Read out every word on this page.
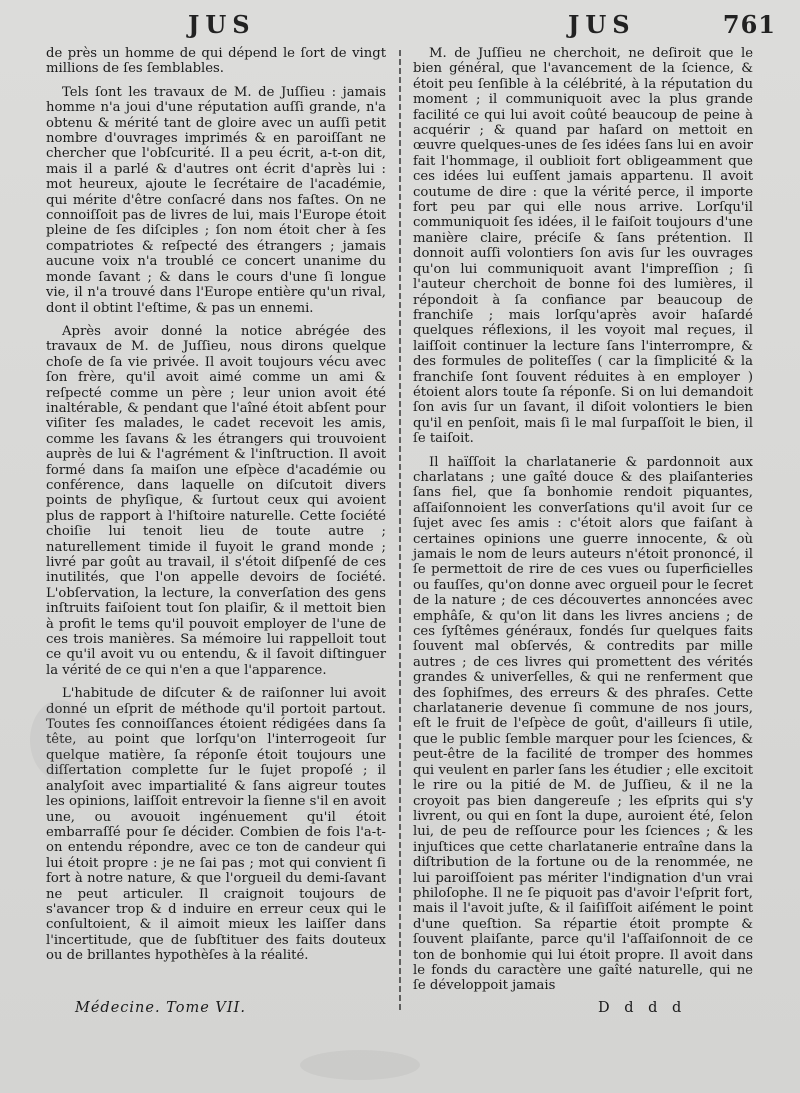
JUS	JUS	761

de près un homme de qui dépend le ſort de vingt millions de ſes ſemblables.

Tels ſont les travaux de M. de Juſſieu : jamais homme n'a joui d'une réputation auſſi grande, n'a obtenu & mérité tant de gloire avec un auſſi petit nombre d'ouvrages imprimés & en paroiſſant ne chercher que l'obſcurité. Il a peu écrit, a-t-on dit, mais il a parlé & d'autres ont écrit d'après lui : mot heureux, ajoute le ſecrétaire de l'académie, qui mérite d'être conſacré dans nos faſtes. On ne connoiſſoit pas de livres de lui, mais l'Europe étoit pleine de ſes diſciples ; ſon nom étoit cher à ſes compatriotes & reſpecté des étrangers ; jamais aucune voix n'a troublé ce concert unanime du monde ſavant ; & dans le cours d'une ſi longue vie, il n'a trouvé dans l'Europe entière qu'un rival, dont il obtint l'eſtime, & pas un ennemi.

Après avoir donné la notice abrégée des travaux de M. de Juſſieu, nous dirons quelque choſe de ſa vie privée. Il avoit toujours vécu avec ſon frère, qu'il avoit aimé comme un ami & reſpecté comme un père ; leur union avoit été inaltérable, & pendant que l'aîné étoit abſent pour viſiter ſes malades, le cadet recevoit les amis, comme les ſavans & les étrangers qui trouvoient auprès de lui & l'agrément & l'inſtruction. Il avoit formé dans ſa maiſon une eſpèce d'académie ou conférence, dans laquelle on diſcutoit divers points de phyſique, & ſurtout ceux qui avoient plus de rapport à l'hiſtoire naturelle. Cette ſociété choiſie lui tenoit lieu de toute autre ; naturellement timide il fuyoit le grand monde ; livré par goût au travail, il s'étoit diſpenſé de ces inutilités, que l'on appelle devoirs de ſociété. L'obſervation, la lecture, la converſation des gens inſtruits faiſoient tout ſon plaiſir, & il mettoit bien à profit le tems qu'il pouvoit employer de l'une de ces trois manières. Sa mémoire lui rappelloit tout ce qu'il avoit vu ou entendu, & il ſavoit diſtinguer la vérité de ce qui n'en a que l'apparence.

L'habitude de diſcuter & de raiſonner lui avoit donné un eſprit de méthode qu'il portoit partout. Toutes ſes connoiſſances étoient rédigées dans ſa tête, au point que lorſqu'on l'interrogeoit ſur quelque matière, ſa réponſe étoit toujours une diſſertation complette ſur le ſujet propoſé ; il analyſoit avec impartialité & ſans aigreur toutes les opinions, laiſſoit entrevoir la ſienne s'il en avoit une, ou avouoit ingénuement qu'il étoit embarraſſé pour ſe décider. Combien de fois l'a-t-on entendu répondre, avec ce ton de candeur qui lui étoit propre : je ne ſai pas ; mot qui convient ſi fort à notre nature, & que l'orgueil du demi-ſavant ne peut articuler. Il craignoit toujours de s'avancer trop & d induire en erreur ceux qui le conſultoient, & il aimoit mieux les laiſſer dans l'incertitude, que de ſubſtituer des faits douteux ou de brillantes hypothèſes à la réalité.

M. de Juſſieu ne cherchoit, ne deſiroit que le bien général, que l'avancement de la ſcience, & étoit peu ſenſible à la célébrité, à la réputation du moment ; il communiquoit avec la plus grande facilité ce qui lui avoit coûté beaucoup de peine à acquérir ; & quand par haſard on mettoit en œuvre quelques-unes de ſes idées ſans lui en avoir fait l'hommage, il oublioit fort obligeamment que ces idées lui euſſent jamais appartenu. Il avoit coutume de dire : que la vérité perce, il importe fort peu par qui elle nous arrive. Lorſqu'il communiquoit ſes idées, il le faiſoit toujours d'une manière claire, préciſe & ſans prétention. Il donnoit auſſi volontiers ſon avis ſur les ouvrages qu'on lui communiquoit avant l'impreſſion ; ſi l'auteur cherchoit de bonne foi des lumières, il répondoit à ſa confiance par beaucoup de franchiſe ; mais lorſqu'après avoir haſardé quelques réflexions, il les voyoit mal reçues, il laiſſoit continuer la lecture ſans l'interrompre, & des formules de politeſſes ( car la ſimplicité & la franchiſe ſont ſouvent réduites à en employer ) étoient alors toute ſa réponſe. Si on lui demandoit ſon avis ſur un ſavant, il diſoit volontiers le bien qu'il en penſoit, mais ſi le mal ſurpaſſoit le bien, il ſe taiſoit.

Il haïſſoit la charlatanerie & pardonnoit aux charlatans ; une gaîté douce & des plaiſanteries ſans fiel, que ſa bonhomie rendoit piquantes, aſſaiſonnoient les converſations qu'il avoit ſur ce ſujet avec ſes amis : c'étoit alors que faiſant à certaines opinions une guerre innocente, & où jamais le nom de leurs auteurs n'étoit prononcé, il ſe permettoit de rire de ces vues ou ſuperficielles ou fauſſes, qu'on donne avec orgueil pour le ſecret de la nature ; de ces découvertes annoncées avec emphâſe, & qu'on lit dans les livres anciens ; de ces ſyſtêmes généraux, fondés ſur quelques faits ſouvent mal obſervés, & contredits par mille autres ; de ces livres qui promettent des vérités grandes & univerſelles, & qui ne renferment que des ſophiſmes, des erreurs & des phraſes. Cette charlatanerie devenue ſi commune de nos jours, eſt le fruit de l'eſpèce de goût, d'ailleurs ſi utile, que le public ſemble marquer pour les ſciences, & peut-être de la facilité de tromper des hommes qui veulent en parler ſans les étudier ; elle excitoit le rire ou la pitié de M. de Juſſieu, & il ne la croyoit pas bien dangereuſe ; les eſprits qui s'y livrent, ou qui en ſont la dupe, auroient été, ſelon lui, de peu de reſſource pour les ſciences ; & les injuſtices que cette charlatanerie entraîne dans la diſtribution de la fortune ou de la renommée, ne lui paroiſſoient pas mériter l'indignation d'un vrai philoſophe. Il ne ſe piquoit pas d'avoir l'eſprit fort, mais il l'avoit juſte, & il ſaiſiſſoit aiſément le point d'une queſtion. Sa répartie étoit prompte & ſouvent plaiſante, parce qu'il l'aſſaiſonnoit de ce ton de bonhomie qui lui étoit propre. Il avoit dans le fonds du caractère une gaîté naturelle, qui ne ſe développoit jamais

Médecine. Tome VII.	D d d d
